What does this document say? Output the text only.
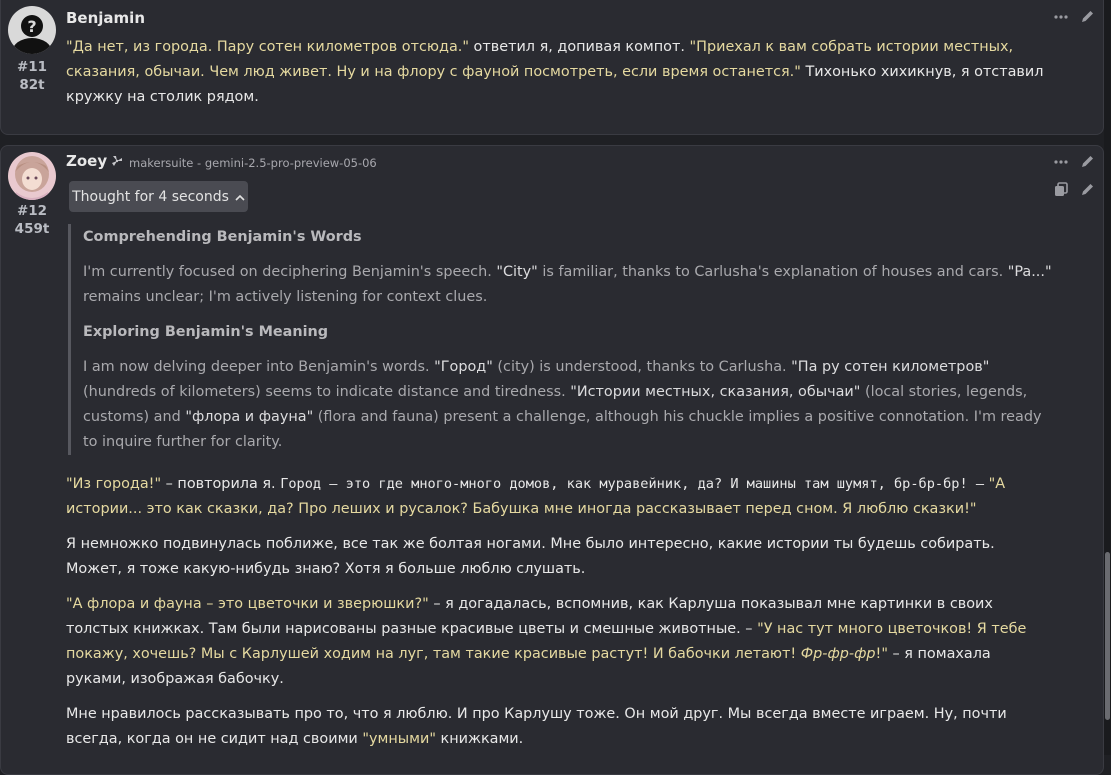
?
#11
82t
Benjamin

"Да нет, из города. Пару сотен километров отсюда." ответил я, допивая компот. "Приехал к вам собрать истории местных, сказания, обычаи. Чем люд живет. Ну и на флору с фауной посмотреть, если время останется." Тихонько хихикнув, я отставил кружку на столик рядом.

#12
459t
Zoey makersuite - gemini-2.5-pro-preview-05-06
Thought for 4 seconds
Comprehending Benjamin's Words

I'm currently focused on deciphering Benjamin's speech. "City" is familiar, thanks to Carlusha's explanation of houses and cars. "Pa..." remains unclear; I'm actively listening for context clues.

Exploring Benjamin's Meaning

I am now delving deeper into Benjamin's words. "Город" (city) is understood, thanks to Carlusha. "Па ру сотен километров" (hundreds of kilometers) seems to indicate distance and tiredness. "Истории местных, сказания, обычаи" (local stories, legends, customs) and "флора и фауна" (flora and fauna) present a challenge, although his chuckle implies a positive connotation. I'm ready to inquire further for clarity.

"Из города!" – повторила я. Город – это где много-много домов, как муравейник, да? И машины там шумят, бр-бр-бр! – "А истории... это как сказки, да? Про леших и русалок? Бабушка мне иногда рассказывает перед сном. Я люблю сказки!"

Я немножко подвинулась поближе, все так же болтая ногами. Мне было интересно, какие истории ты будешь собирать. Может, я тоже какую-нибудь знаю? Хотя я больше люблю слушать.

"А флора и фауна – это цветочки и зверюшки?" – я догадалась, вспомнив, как Карлуша показывал мне картинки в своих толстых книжках. Там были нарисованы разные красивые цветы и смешные животные. – "У нас тут много цветочков! Я тебе покажу, хочешь? Мы с Карлушей ходим на луг, там такие красивые растут! И бабочки летают! Фр-фр-фр!" – я помахала руками, изображая бабочку.

Мне нравилось рассказывать про то, что я люблю. И про Карлушу тоже. Он мой друг. Мы всегда вместе играем. Ну, почти всегда, когда он не сидит над своими "умными" книжками.
